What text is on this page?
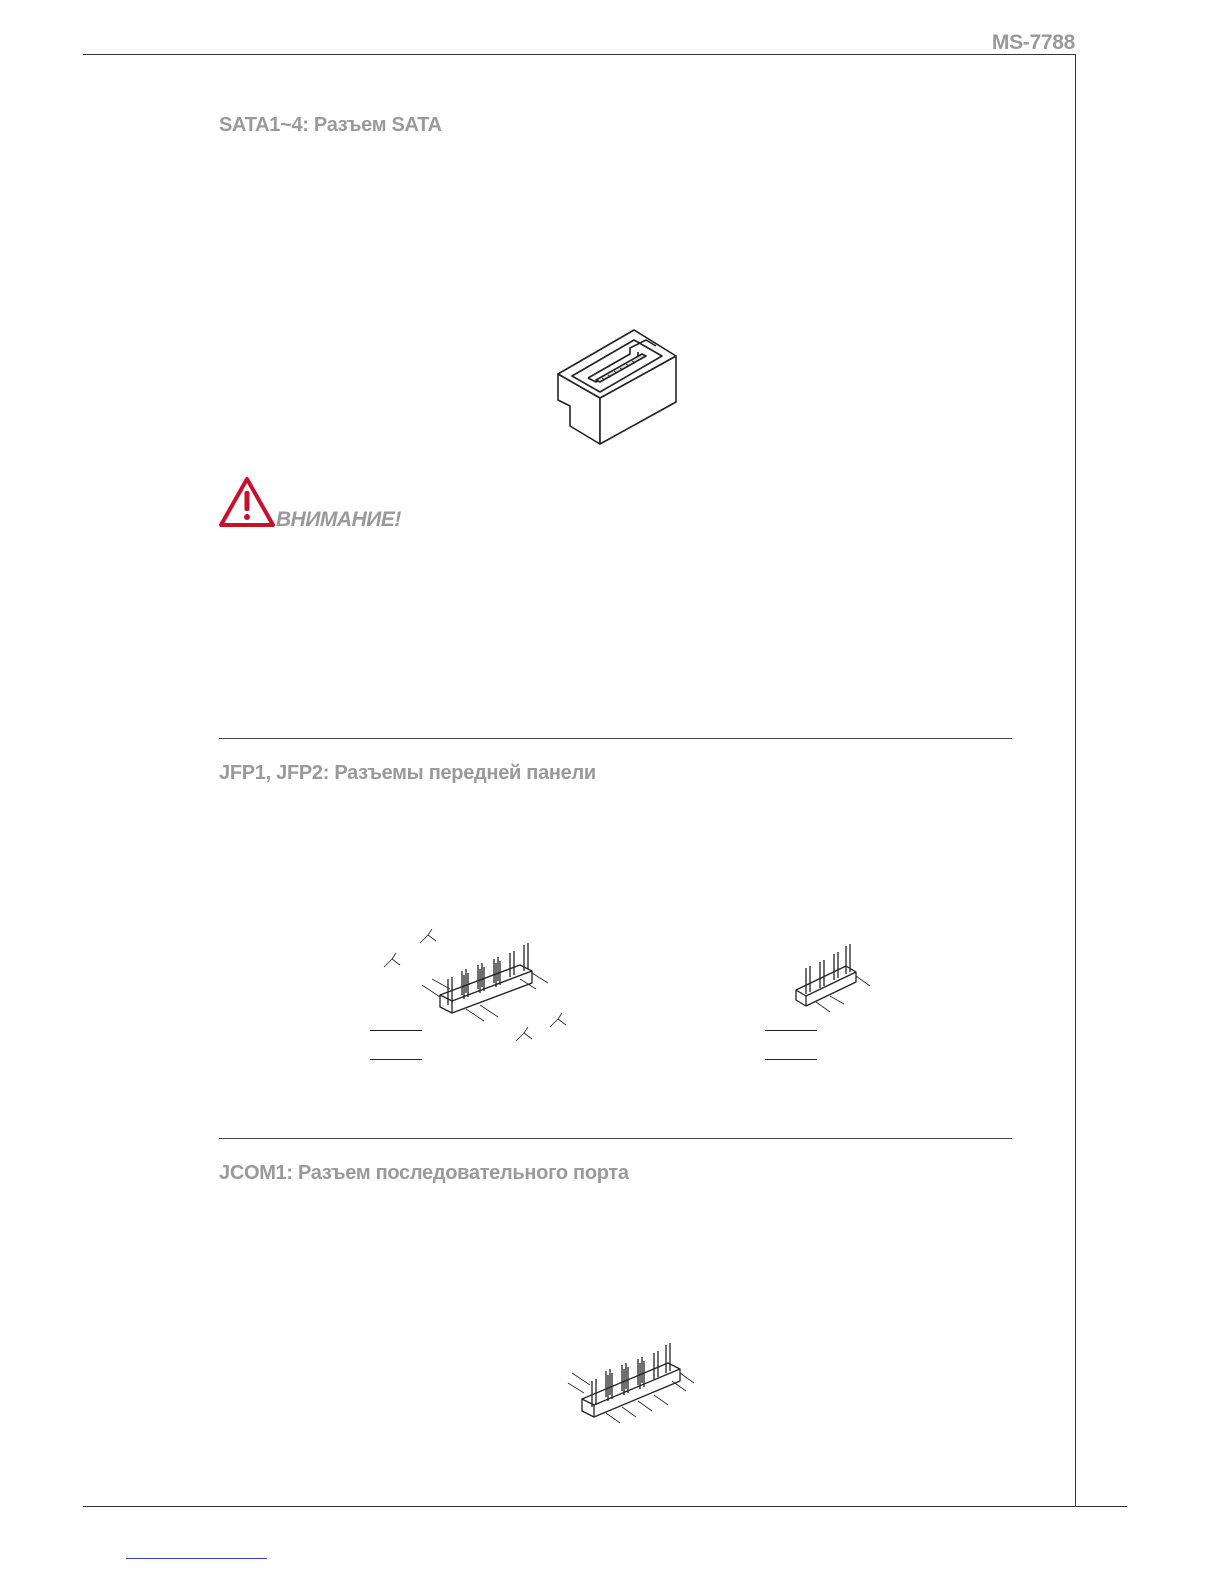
MS-7788
SATA1~4: Разъем SATA
ВНИМАНИЕ!
JFP1, JFP2: Разъемы передней панели
JCOM1: Разъем последовательного порта
